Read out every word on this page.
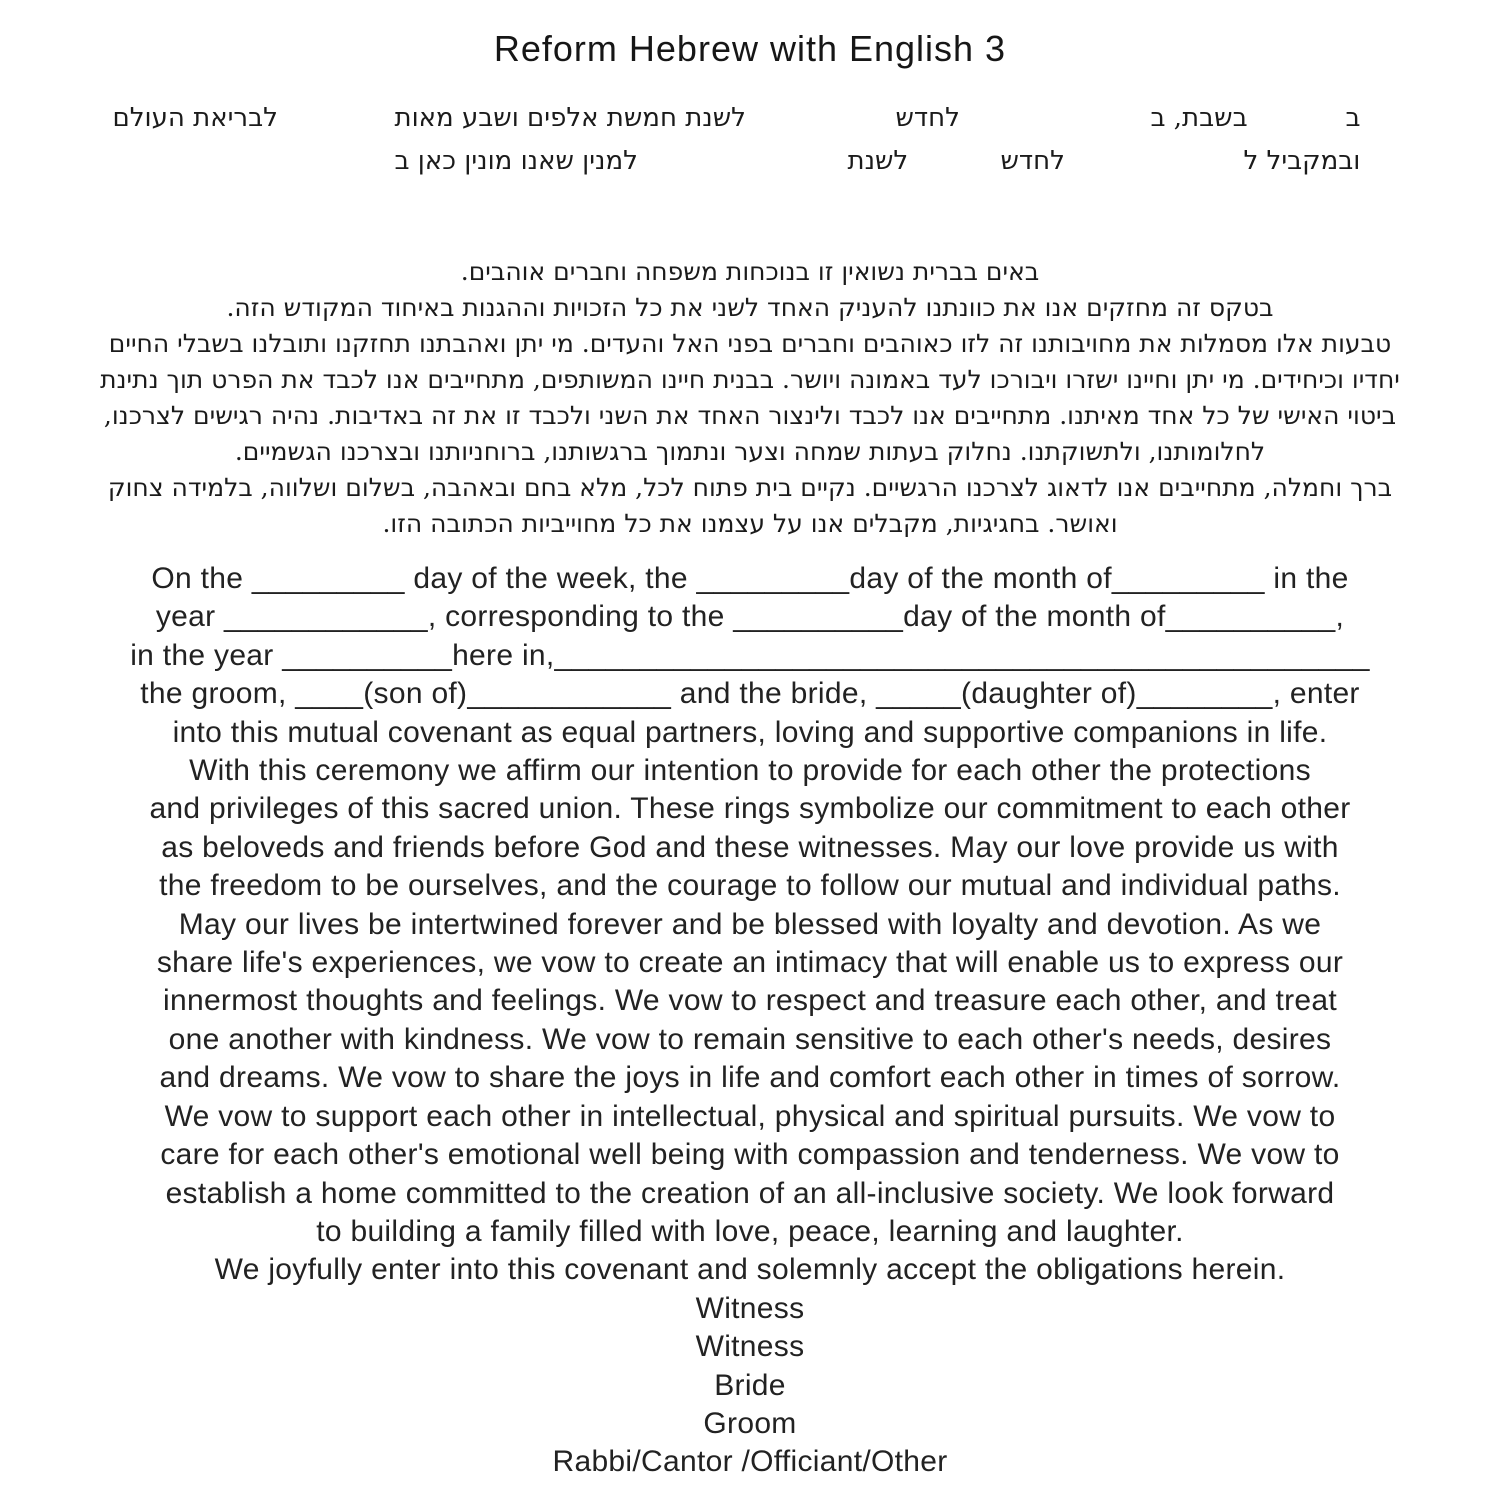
Reform Hebrew with English 3
ב
בשבת, ב
לחדש
לשנת חמשת אלפים ושבע מאות
לבריאת העולם
ובמקביל ל
לחדש
לשנת
למנין שאנו מונין כאן ב
באים בברית נשואין זו בנוכחות משפחה וחברים אוהבים.
בטקס זה מחזקים אנו את כוונתנו להעניק האחד לשני את כל הזכויות וההגנות באיחוד המקודש הזה.
טבעות אלו מסמלות את מחויבותנו זה לזו כאוהבים וחברים בפני האל והעדים. מי יתן ואהבתנו תחזקנו ותובלנו בשבלי החיים
יחדיו וכיחידים. מי יתן וחיינו ישזרו ויבורכו לעד באמונה ויושר. בבנית חיינו המשותפים, מתחייבים אנו לכבד את הפרט תוך נתינת
ביטוי האישי של כל אחד מאיתנו. מתחייבים אנו לכבד ולינצור האחד את השני ולכבד זו את זה באדיבות. נהיה רגישים לצרכנו,
לחלומותנו, ולתשוקתנו. נחלוק בעתות שמחה וצער ונתמוך ברגשותנו, ברוחניותנו ובצרכנו הגשמיים.
ברך וחמלה, מתחייבים אנו לדאוג לצרכנו הרגשיים. נקיים בית פתוח לכל, מלא בחם ובאהבה, בשלום ושלווה, בלמידה צחוק
ואושר. בחגיגיות, מקבלים אנו על עצמנו את כל מחוייביות הכתובה הזו.
On the _________ day of the week, the _________day of the month of_________ in the
year ____________, corresponding to the __________day of the month of__________,
in the year __________here in,________________________________________________
the groom, ____(son of)____________ and the bride, _____(daughter of)________, enter
into this mutual covenant as equal partners, loving and supportive companions in life.
With this ceremony we affirm our intention to provide for each other the protections
and privileges of this sacred union. These rings symbolize our commitment to each other
as beloveds and friends before God and these witnesses. May our love provide us with
the freedom to be ourselves, and the courage to follow our mutual and individual paths.
May our lives be intertwined forever and be blessed with loyalty and devotion. As we
share life's experiences, we vow to create an intimacy that will enable us to express our
innermost thoughts and feelings. We vow to respect and treasure each other, and treat
one another with kindness. We vow to remain sensitive to each other's needs, desires
and dreams. We vow to share the joys in life and comfort each other in times of sorrow.
We vow to support each other in intellectual, physical and spiritual pursuits. We vow to
care for each other's emotional well being with compassion and tenderness. We vow to
establish a home committed to the creation of an all-inclusive society. We look forward
to building a family filled with love, peace, learning and laughter.
We joyfully enter into this covenant and solemnly accept the obligations herein.
Witness
Witness
Bride
Groom
Rabbi/Cantor /Officiant/Other
